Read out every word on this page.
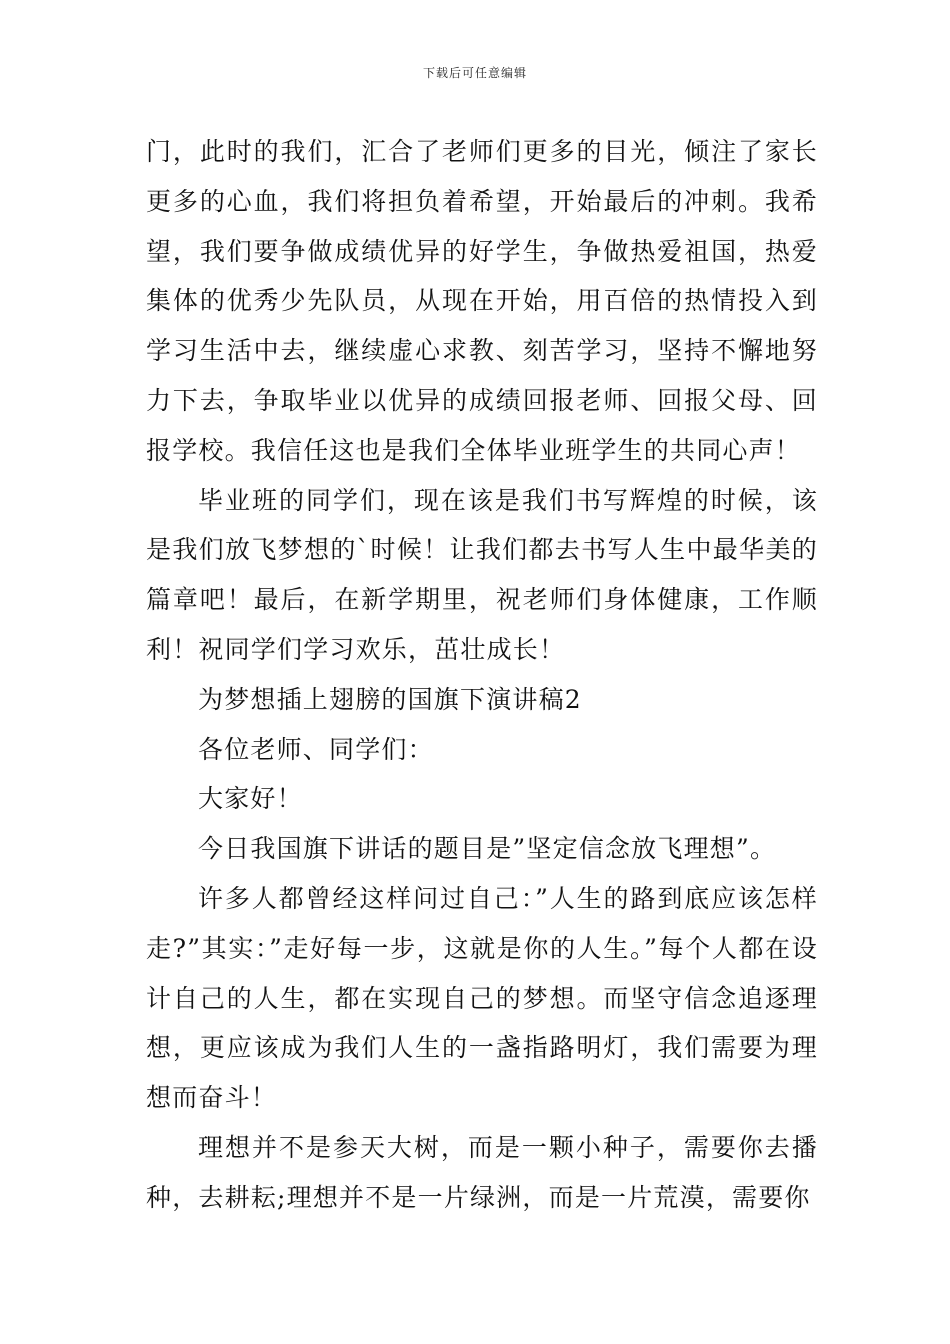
下载后可任意编辑

门，此时的我们，汇合了老师们更多的目光，倾注了家长更多的心血，我们将担负着希望，开始最后的冲刺。我希望，我们要争做成绩优异的好学生，争做热爱祖国，热爱集体的优秀少先队员，从现在开始，用百倍的热情投入到学习生活中去，继续虚心求教、刻苦学习，坚持不懈地努力下去，争取毕业以优异的成绩回报老师、回报父母、回报学校。我信任这也是我们全体毕业班学生的共同心声！

毕业班的同学们，现在该是我们书写辉煌的时候，该是我们放飞梦想的`时候！让我们都去书写人生中最华美的篇章吧！最后，在新学期里，祝老师们身体健康，工作顺利！祝同学们学习欢乐，茁壮成长！

为梦想插上翅膀的国旗下演讲稿2

各位老师、同学们：

大家好！

今日我国旗下讲话的题目是”坚定信念放飞理想”。

许多人都曾经这样问过自己：”人生的路到底应该怎样走?”其实：”走好每一步，这就是你的人生。”每个人都在设计自己的人生，都在实现自己的梦想。而坚守信念追逐理想，更应该成为我们人生的一盏指路明灯，我们需要为理想而奋斗！

理想并不是参天大树，而是一颗小种子，需要你去播种，去耕耘;理想并不是一片绿洲，而是一片荒漠，需要你
